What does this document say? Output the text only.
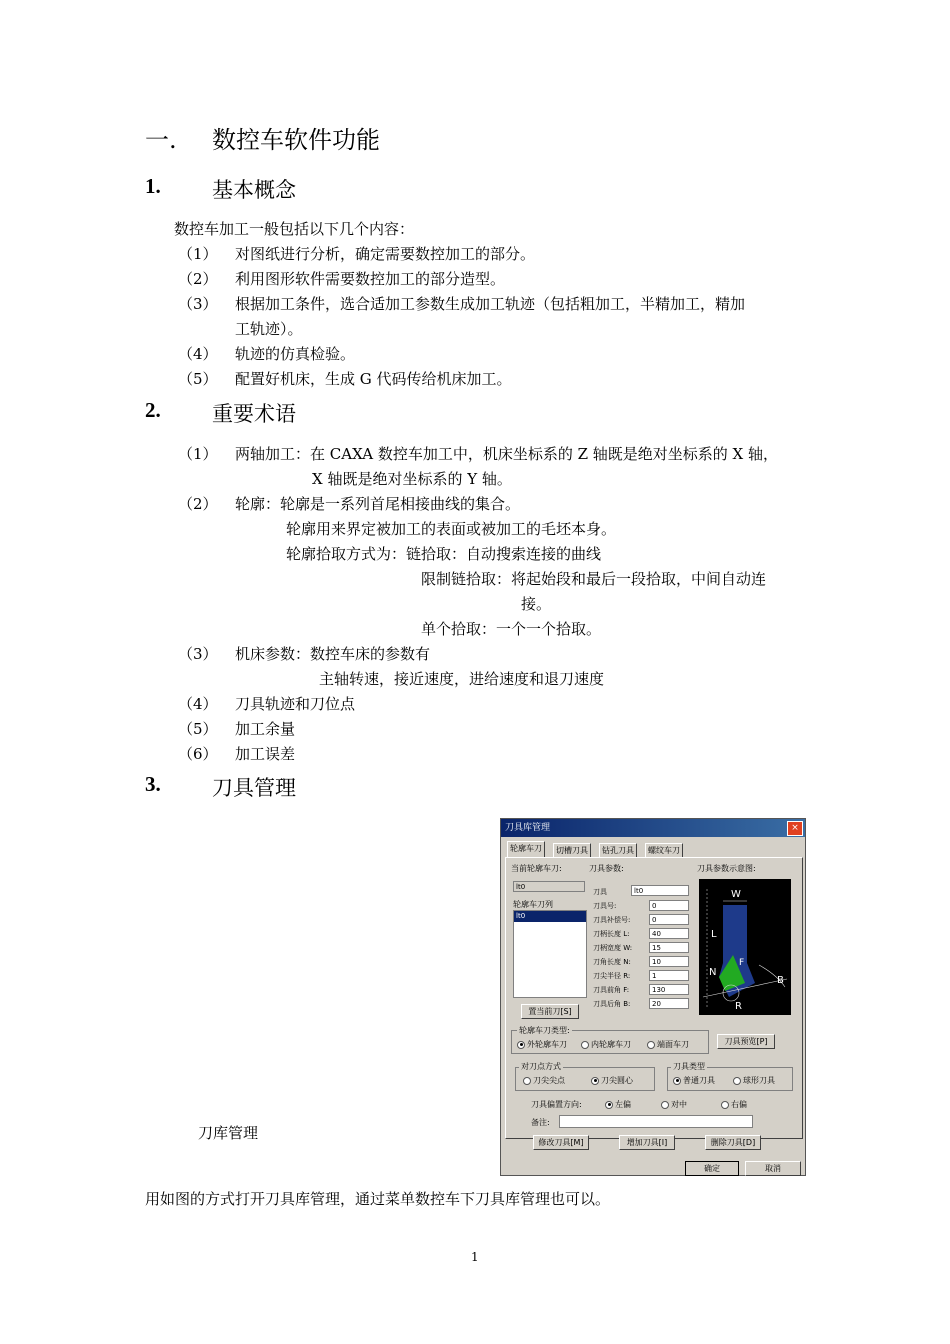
一. 数控车软件功能
1. 基本概念
数控车加工一般包括以下几个内容：
（1） 对图纸进行分析，确定需要数控加工的部分。
（2） 利用图形软件需要数控加工的部分造型。
（3） 根据加工条件，选合适加工参数生成加工轨迹（包括粗加工，半精加工，精加
工轨迹）。
（4） 轨迹的仿真检验。
（5） 配置好机床，生成 G 代码传给机床加工。
2. 重要术语
（1） 两轴加工：在 CAXA 数控车加工中，机床坐标系的 Z 轴既是绝对坐标系的 X 轴，
X 轴既是绝对坐标系的 Y 轴。
（2） 轮廓：轮廓是一系列首尾相接曲线的集合。
轮廓用来界定被加工的表面或被加工的毛坯本身。
轮廓拾取方式为：链拾取：自动搜索连接的曲线
限制链拾取：将起始段和最后一段拾取，中间自动连
接。
单个拾取：一个一个拾取。
（3） 机床参数：数控车床的参数有
主轴转速，接近速度，进给速度和退刀速度
（4） 刀具轨迹和刀位点
（5） 加工余量
（6） 加工误差
3. 刀具管理
刀库管理
刀具库管理	×
轮廓车刀	切槽刀具	钻孔刀具	螺纹车刀
当前轮廓车刀:
lt0
轮廓车刀列
刀具参数:	刀具参数示意图:
刀具	lt0
刀具号:	0
刀具补偿号:	0
刀柄长度 L:	40
刀柄宽度 W:	15
刀角长度 N:	10
刀尖半径 R:	1
刀具前角 F:	130
刀具后角 B:	20
W
L
N
F
B
R
置当前刀[S]
轮廓车刀类型:
外轮廓车刀	内轮廓车刀	端面车刀	刀具预览[P]
对刀点方式
刀尖尖点	刀尖圆心
刀具类型
普通刀具	球形刀具
刀具偏置方向:	左偏	对中	右偏
备注:
修改刀具[M]	增加刀具[I]	删除刀具[D]
确定	取消
lt0
用如图的方式打开刀具库管理，通过菜单数控车下刀具库管理也可以。
1
